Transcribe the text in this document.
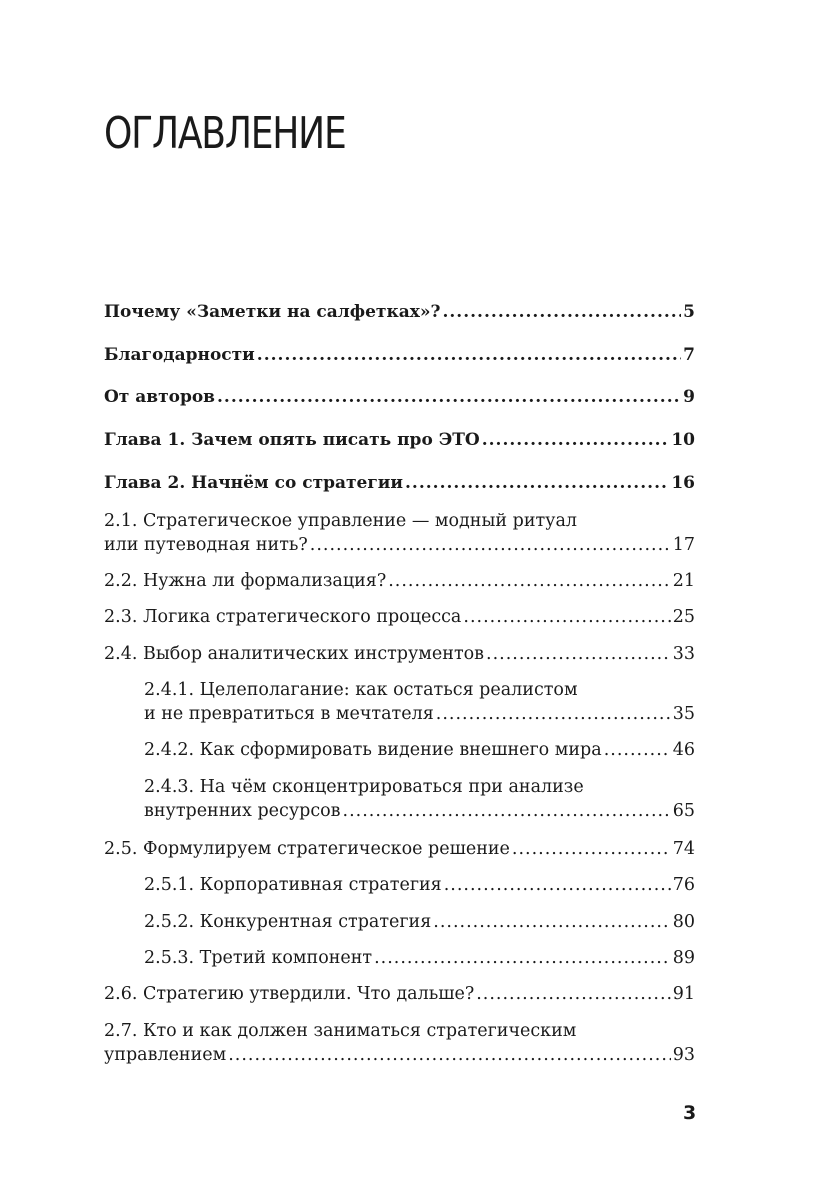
ОГЛАВЛЕНИЕ
Почему «Заметки на салфетках»? .....	5
Благодарности .....	7
От авторов .....	9
Глава 1. Зачем опять писать про ЭТО .....	10
Глава 2. Начнём со стратегии .....	16
2.1. Стратегическое управление — модный ритуал
или путеводная нить? .....	17
2.2. Нужна ли формализация? .....	21
2.3. Логика стратегического процесса .....	25
2.4. Выбор аналитических инструментов .....	33
2.4.1. Целеполагание: как остаться реалистом
и не превратиться в мечтателя .....	35
2.4.2. Как сформировать видение внешнего мира .....	46
2.4.3. На чём сконцентрироваться при анализе
внутренних ресурсов .....	65
2.5. Формулируем стратегическое решение .....	74
2.5.1. Корпоративная стратегия .....	76
2.5.2. Конкурентная стратегия .....	80
2.5.3. Третий компонент .....	89
2.6. Стратегию утвердили. Что дальше? .....	91
2.7. Кто и как должен заниматься стратегическим
управлением .....	93
3
